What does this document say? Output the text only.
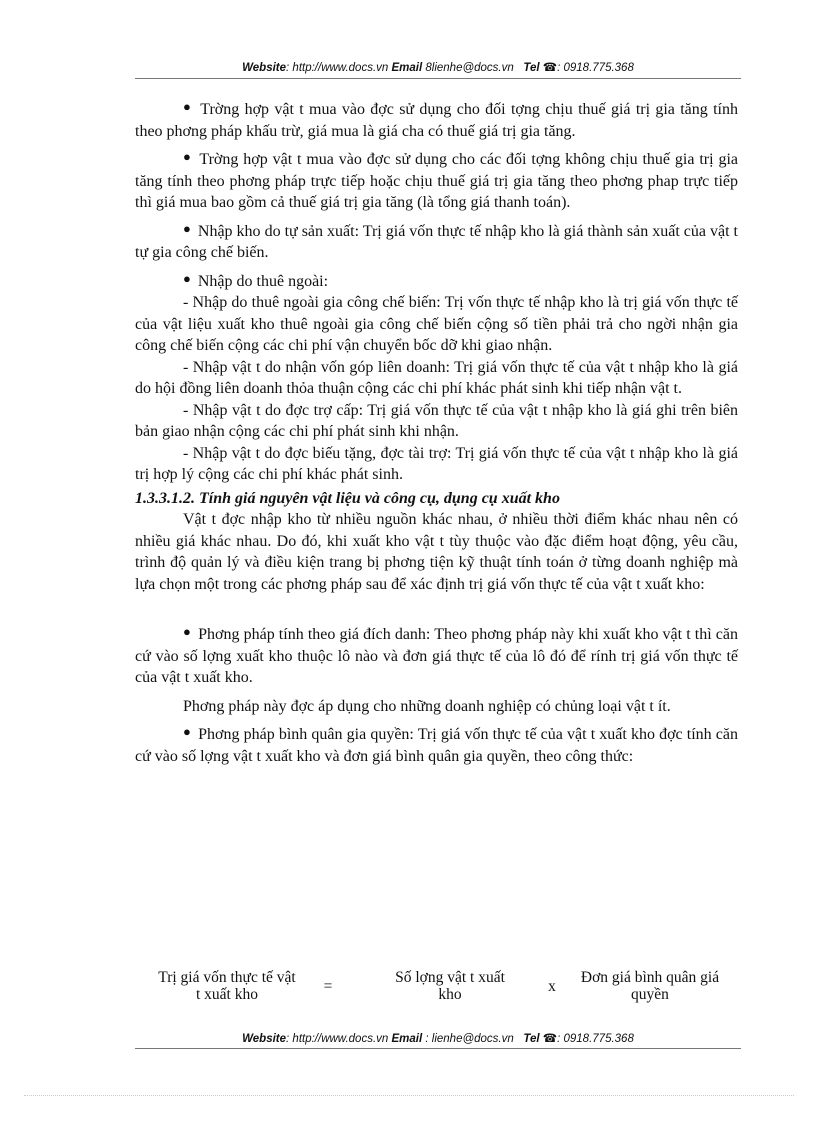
Website: http://www.docs.vn Email 8lienhe@docs.vn Tel ☎: 0918.775.368

● Trờng hợp vật t mua vào đợc sử dụng cho đối tợng chịu thuế giá trị gia tăng tính theo phơng pháp khấu trừ, giá mua là giá cha có thuế giá trị gia tăng.

● Trờng hợp vật t mua vào đợc sử dụng cho các đối tợng không chịu thuế gia trị gia tăng tính theo phơng pháp trực tiếp hoặc chịu thuế giá trị gia tăng theo phơng phap trực tiếp thì giá mua bao gồm cả thuế giá trị gia tăng (là tổng giá thanh toán).

● Nhập kho do tự sản xuất: Trị giá vốn thực tế nhập kho là giá thành sản xuất của vật t tự gia công chế biến.

● Nhập do thuê ngoài:

- Nhập do thuê ngoài gia công chế biến: Trị vốn thực tế nhập kho là trị giá vốn thực tế của vật liệu xuất kho thuê ngoài gia công chế biến cộng số tiền phải trả cho ngời nhận gia công chế biến cộng các chi phí vận chuyển bốc dỡ khi giao nhận.

- Nhập vật t do nhận vốn góp liên doanh: Trị giá vốn thực tế của vật t nhập kho là giá do hội đồng liên doanh thỏa thuận cộng các chi phí khác phát sinh khi tiếp nhận vật t.

- Nhập vật t do đợc trợ cấp: Trị giá vốn thực tế của vật t nhập kho là giá ghi trên biên bản giao nhận cộng các chi phí phát sinh khi nhận.

- Nhập vật t do đợc biếu tặng, đợc tài trợ: Trị giá vốn thực tế của vật t nhập kho là giá trị hợp lý cộng các chi phí khác phát sinh.

1.3.3.1.2. Tính giá nguyên vật liệu và công cụ, dụng cụ xuất kho

Vật t đợc nhập kho từ nhiều nguồn khác nhau, ở nhiều thời điểm khác nhau nên có nhiều giá khác nhau. Do đó, khi xuất kho vật t tùy thuộc vào đặc điểm hoạt động, yêu cầu, trình độ quản lý và điều kiện trang bị phơng tiện kỹ thuật tính toán ở từng doanh nghiệp mà lựa chọn một trong các phơng pháp sau để xác định trị giá vốn thực tế của vật t xuất kho:

● Phơng pháp tính theo giá đích danh: Theo phơng pháp này khi xuất kho vật t thì căn cứ vào số lợng xuất kho thuộc lô nào và đơn giá thực tế của lô đó để rính trị giá vốn thực tế của vật t xuất kho.

Phơng pháp này đợc áp dụng cho những doanh nghiệp có chủng loại vật t ít.

● Phơng pháp bình quân gia quyền: Trị giá vốn thực tế của vật t xuất kho đợc tính căn cứ vào số lợng vật t xuất kho và đơn giá bình quân gia quyền, theo công thức:

Trị giá vốn thực tế vật t xuất kho	=
Số lợng vật t xuất kho	x
Đơn giá bình quân giá quyền
Website: http://www.docs.vn Email : lienhe@docs.vn Tel ☎: 0918.775.368
